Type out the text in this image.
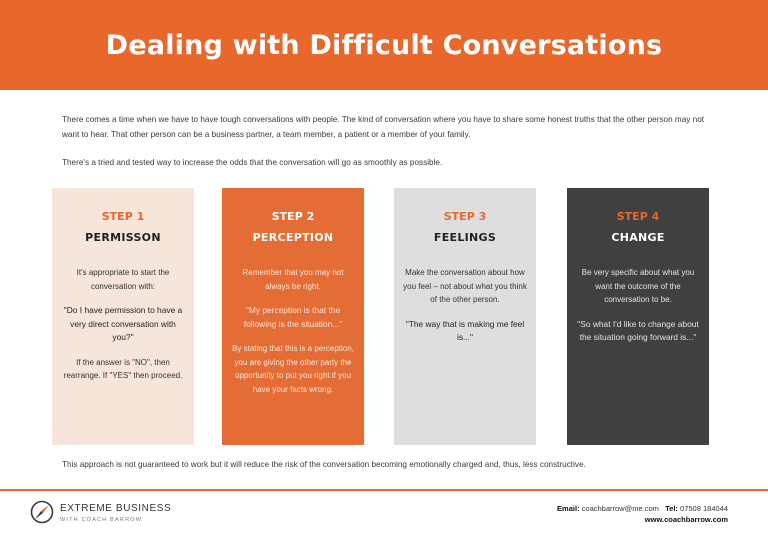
Dealing with Difficult Conversations

There comes a time when we have to have tough conversations with people. The kind of conversation where you have to share some honest truths that the other person may not want to hear. That other person can be a business partner, a team member, a patient or a member of your family.

There's a tried and tested way to increase the odds that the conversation will go as smoothly as possible.

STEP 1
PERMISSON

It's appropriate to start the conversation with:

"Do I have permission to have a very direct conversation with you?"

If the answer is "NO", then rearrange. If "YES" then proceed.

STEP 2
PERCEPTION

Remember that you may not always be right.

"My perception is that the following is the situation..."

By stating that this is a perception, you are giving the other party the opportunity to put you right if you have your facts wrong.

STEP 3
FEELINGS

Make the conversation about how you feel – not about what you think of the other person.

"The way that is making me feel is..."

STEP 4
CHANGE

Be very specific about what you want the outcome of the conversation to be.

"So what I'd like to change about the situation going forward is..."

This approach is not guaranteed to work but it will reduce the risk of the conversation becoming emotionally charged and, thus, less constructive.
EXTREME BUSINESS
WITH COACH BARROW
Email: coachbarrow@me.com Tel: 07508 184044
www.coachbarrow.com
